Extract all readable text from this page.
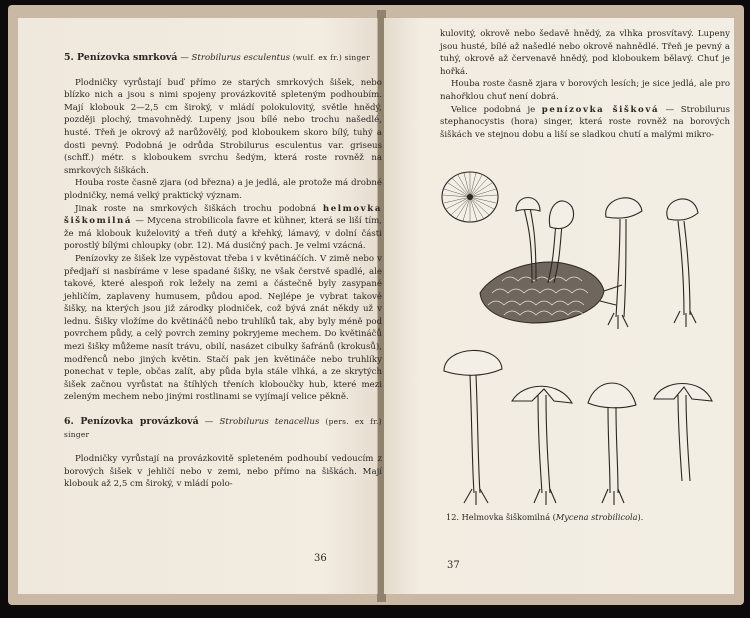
5. Penízovka smrková — Strobilurus esculentus (wulf. ex fr.) singer

Plodničky vyrůstají buď přímo ze starých smrkových šišek, nebo blízko nich a jsou s nimi spojeny provázkovitě spleteným podhoubím. Mají klobouk 2—2,5 cm široký, v mládí polokulovitý, světle hnědý, později plochý, tmavohnědý. Lupeny jsou bílé nebo trochu našedlé, husté. Třeň je okrový až narůžovělý, pod kloboukem skoro bílý, tuhý a dosti pevný. Podobná je odrůda Strobilurus esculentus var. griseus (schff.) métr. s kloboukem svrchu šedým, která roste rovněž na smrkových šiškách.

Houba roste časně zjara (od března) a je jedlá, ale protože má drobné plodničky, nemá velký praktický význam.

Jinak roste na smrkových šiškách trochu podobná helmovka šiškomilná — Mycena strobilicola favre et kühner, která se liší tím, že má klobouk kuželovitý a třeň dutý a křehký, lámavý, v dolní části porostlý bílými chloupky (obr. 12). Má dusičný pach. Je velmi vzácná.

Penízovky ze šišek lze vypěstovat třeba i v květináčích. V zimě nebo v předjaří si nasbíráme v lese spadané šišky, ne však čerstvě spadlé, ale takové, které alespoň rok ležely na zemi a částečně byly zasypané jehličím, zaplaveny humusem, půdou apod. Nejlépe je vybrat takové šišky, na kterých jsou již zárodky plodniček, což bývá znát někdy už v lednu. Šišky vložíme do květináčů nebo truhlíků tak, aby byly méně pod povrchem půdy, a celý povrch zeminy pokryjeme mechem. Do květináčů mezi šišky můžeme nasít trávu, obilí, nasázet cibulky šafránů (krokusů), modřenců nebo jiných květin. Stačí pak jen květináče nebo truhlíky ponechat v teple, občas zalít, aby půda byla stále vlhká, a ze skrytých šišek začnou vyrůstat na štíhlých třeních kloboučky hub, které mezi zeleným mechem nebo jinými rostlinami se vyjímají velice pěkně.

6. Penízovka provázková — Strobilurus tenacellus (pers. ex fr.) singer

Plodničky vyrůstají na provázkovitě spleteném podhoubí vedoucím z borových šišek v jehličí nebo v zemi, nebo přímo na šiškách. Mají klobouk až 2,5 cm široký, v mládí polo-

36

kulovitý, okrově nebo šedavě hnědý, za vlhka prosvítavý. Lupeny jsou husté, bílé až našedlé nebo okrově nahnědlé. Třeň je pevný a tuhý, okrově až červenavě hnědý, pod kloboukem bělavý. Chuť je hořká.

Houba roste časně zjara v borových lesích; je sice jedlá, ale pro nahořklou chuť není dobrá.

Velice podobná je penízovka šišková — Strobilurus stephanocystis (hora) singer, která roste rovněž na borových šiškách ve stejnou dobu a liší se sladkou chutí a malými mikro-

12. Helmovka šiškomilná (Mycena strobilicola).
37
